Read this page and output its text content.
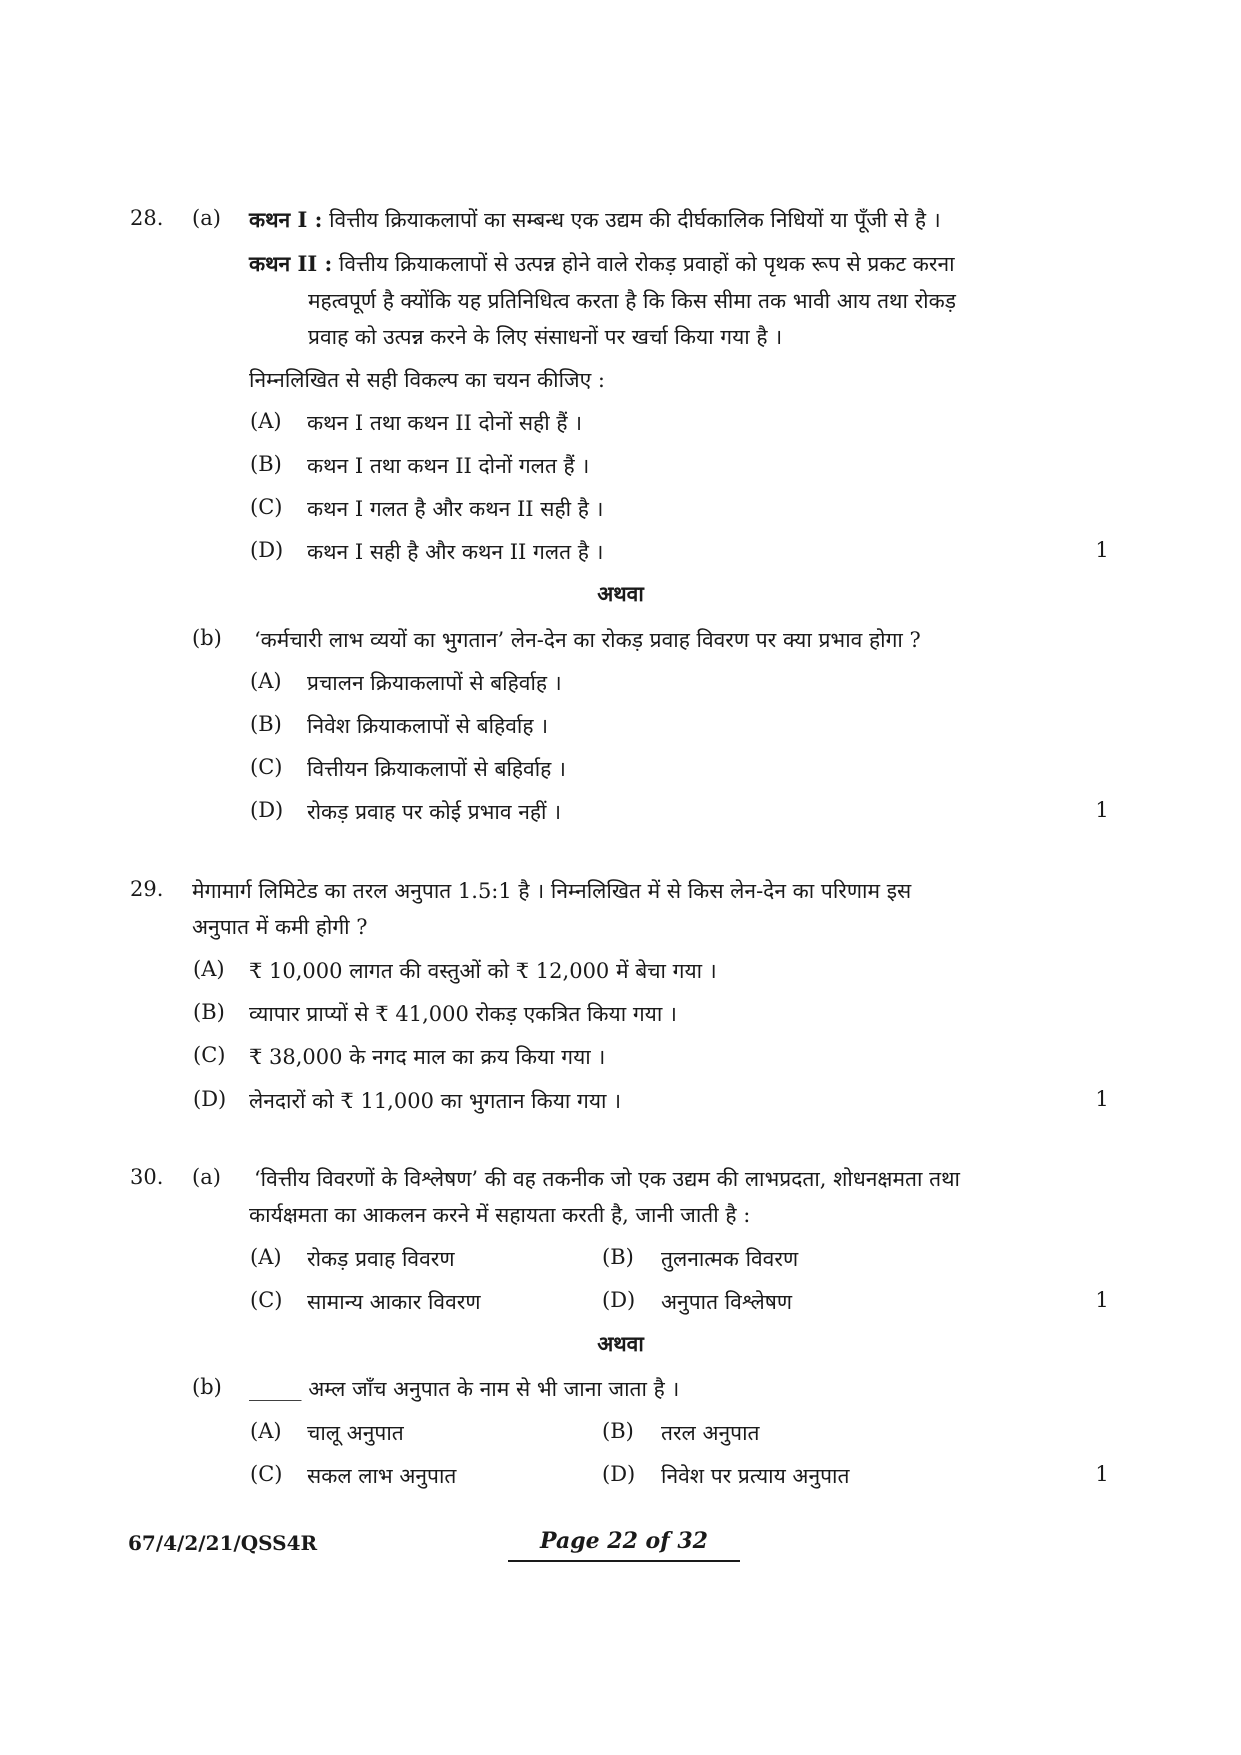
28. (a) कथन I : वित्तीय क्रियाकलापों का सम्बन्ध एक उद्यम की दीर्घकालिक निधियों या पूँजी से है ।
कथन II : वित्तीय क्रियाकलापों से उत्पन्न होने वाले रोकड़ प्रवाहों को पृथक रूप से प्रकट करना
महत्वपूर्ण है क्योंकि यह प्रतिनिधित्व करता है कि किस सीमा तक भावी आय तथा रोकड़
प्रवाह को उत्पन्न करने के लिए संसाधनों पर खर्चा किया गया है ।
निम्नलिखित से सही विकल्प का चयन कीजिए :
(A) कथन I तथा कथन II दोनों सही हैं ।
(B) कथन I तथा कथन II दोनों गलत हैं ।
(C) कथन I गलत है और कथन II सही है ।
(D) कथन I सही है और कथन II गलत है ।	1
अथवा
(b) ‘कर्मचारी लाभ व्ययों का भुगतान’ लेन-देन का रोकड़ प्रवाह विवरण पर क्या प्रभाव होगा ?
(A) प्रचालन क्रियाकलापों से बहिर्वाह ।
(B) निवेश क्रियाकलापों से बहिर्वाह ।
(C) वित्तीयन क्रियाकलापों से बहिर्वाह ।
(D) रोकड़ प्रवाह पर कोई प्रभाव नहीं ।	1
29. मेगामार्ग लिमिटेड का तरल अनुपात 1.5:1 है । निम्नलिखित में से किस लेन-देन का परिणाम इस
अनुपात में कमी होगी ?
(A) ₹ 10,000 लागत की वस्तुओं को ₹ 12,000 में बेचा गया ।
(B) व्यापार प्राप्यों से ₹ 41,000 रोकड़ एकत्रित किया गया ।
(C) ₹ 38,000 के नगद माल का क्रय किया गया ।
(D) लेनदारों को ₹ 11,000 का भुगतान किया गया ।	1
30. (a) ‘वित्तीय विवरणों के विश्लेषण’ की वह तकनीक जो एक उद्यम की लाभप्रदता, शोधनक्षमता तथा
कार्यक्षमता का आकलन करने में सहायता करती है, जानी जाती है :
(A) रोकड़ प्रवाह विवरण	(B) तुलनात्मक विवरण
(C) सामान्य आकार विवरण	(D) अनुपात विश्लेषण	1
अथवा
(b) _____ अम्ल जाँच अनुपात के नाम से भी जाना जाता है ।
(A) चालू अनुपात	(B) तरल अनुपात
(C) सकल लाभ अनुपात	(D) निवेश पर प्रत्याय अनुपात	1
67/4/2/21/QSS4R	Page 22 of 32
